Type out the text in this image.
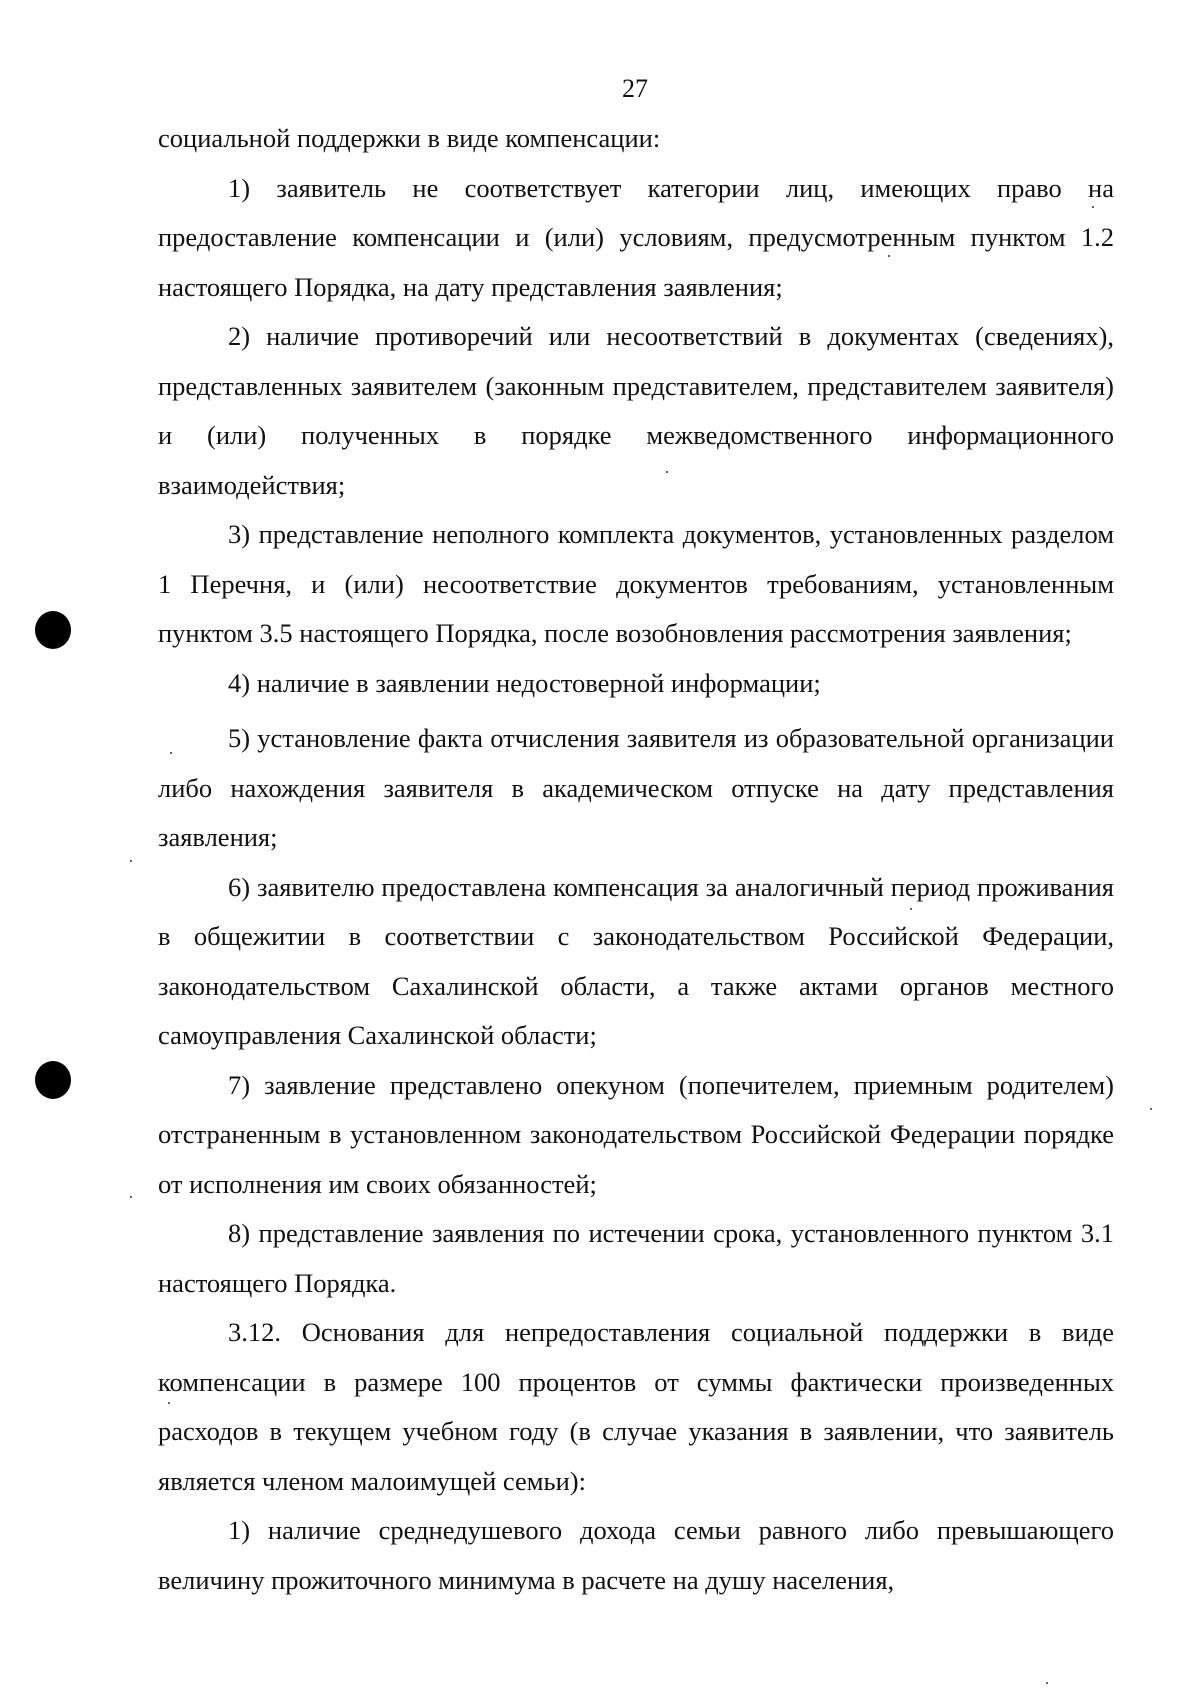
27

социальной поддержки в виде компенсации:

1) заявитель не соответствует категории лиц, имеющих право на предоставление компенсации и (или) условиям, предусмотренным пунктом 1.2 настоящего Порядка, на дату представления заявления;

2) наличие противоречий или несоответствий в документах (сведениях), представленных заявителем (законным представителем, представителем заявителя) и (или) полученных в порядке межведомственного информационного взаимодействия;

3) представление неполного комплекта документов, установленных разделом 1 Перечня, и (или) несоответствие документов требованиям, установленным пунктом 3.5 настоящего Порядка, после возобновления рассмотрения заявления;

4) наличие в заявлении недостоверной информации;

5) установление факта отчисления заявителя из образовательной организации либо нахождения заявителя в академическом отпуске на дату представления заявления;

6) заявителю предоставлена компенсация за аналогичный период проживания в общежитии в соответствии с законодательством Российской Федерации, законодательством Сахалинской области, а также актами органов местного самоуправления Сахалинской области;

7) заявление представлено опекуном (попечителем, приемным родителем) отстраненным в установленном законодательством Российской Федерации порядке от исполнения им своих обязанностей;

8) представление заявления по истечении срока, установленного пунктом 3.1 настоящего Порядка.

3.12. Основания для непредоставления социальной поддержки в виде компенсации в размере 100 процентов от суммы фактически произведенных расходов в текущем учебном году (в случае указания в заявлении, что заявитель является членом малоимущей семьи):

1) наличие среднедушевого дохода семьи равного либо превышающего величину прожиточного минимума в расчете на душу населения,
